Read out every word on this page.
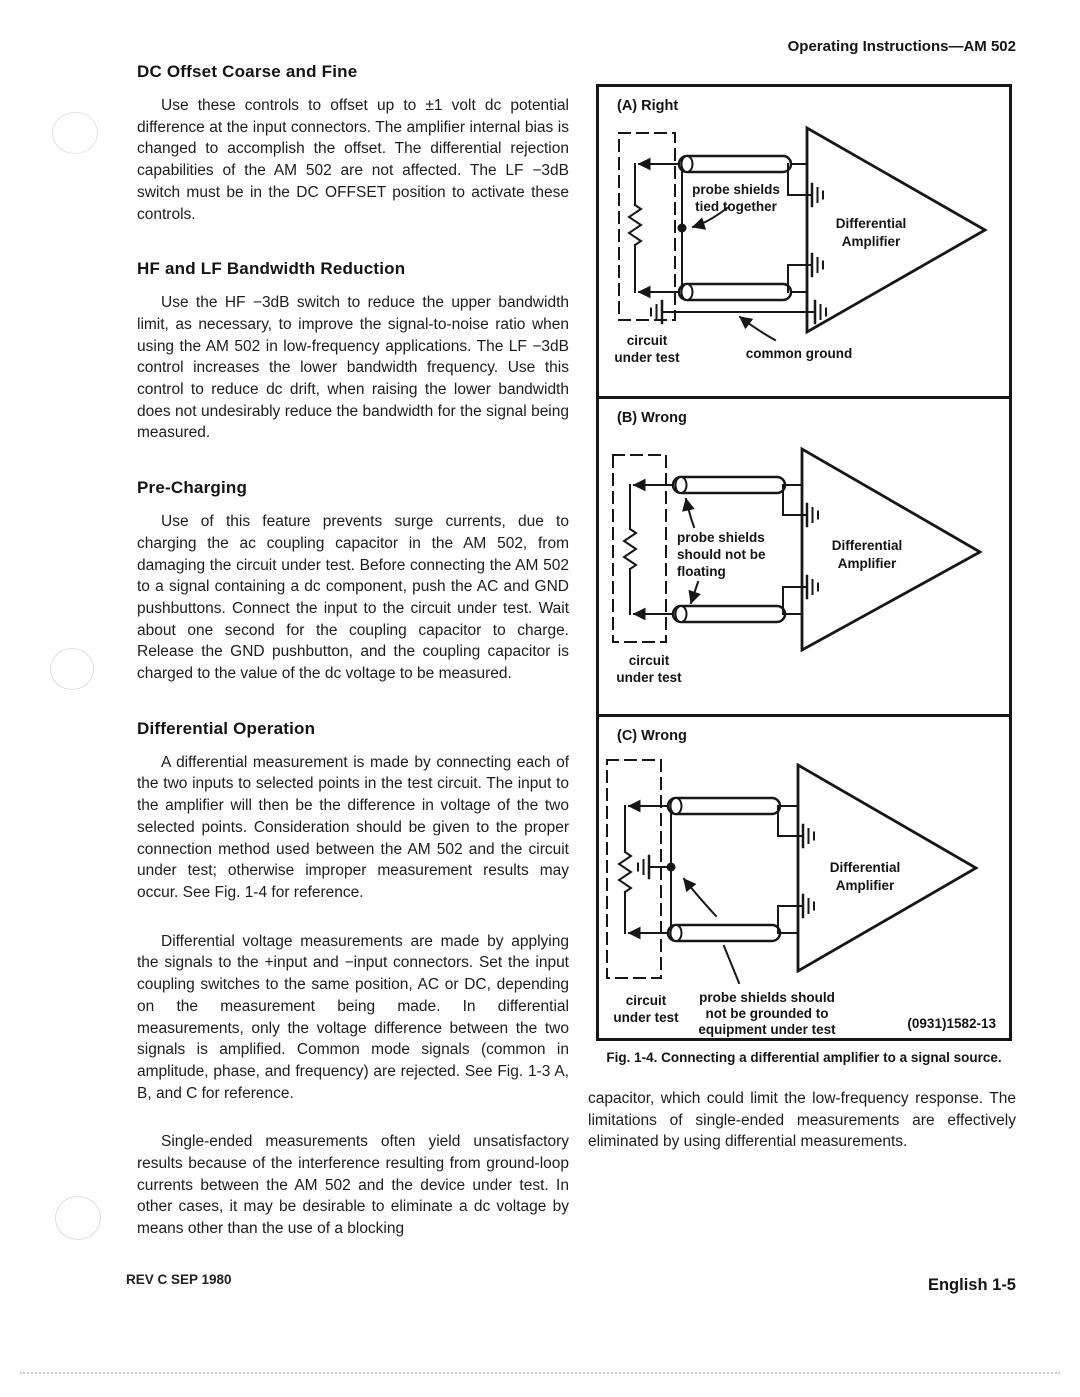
Operating Instructions—AM 502
DC Offset Coarse and Fine

Use these controls to offset up to ±1 volt dc potential difference at the input connectors. The amplifier internal bias is changed to accomplish the offset. The differential rejection capabilities of the AM 502 are not affected. The LF −3dB switch must be in the DC OFFSET position to activate these controls.

HF and LF Bandwidth Reduction

Use the HF −3dB switch to reduce the upper bandwidth limit, as necessary, to improve the signal-to-noise ratio when using the AM 502 in low-frequency applications. The LF −3dB control increases the lower bandwidth frequency. Use this control to reduce dc drift, when raising the lower bandwidth does not undesirably reduce the bandwidth for the signal being measured.

Pre-Charging

Use of this feature prevents surge currents, due to charging the ac coupling capacitor in the AM 502, from damaging the circuit under test. Before connecting the AM 502 to a signal containing a dc component, push the AC and GND pushbuttons. Connect the input to the circuit under test. Wait about one second for the coupling capacitor to charge. Release the GND pushbutton, and the coupling capacitor is charged to the value of the dc voltage to be measured.

Differential Operation

A differential measurement is made by connecting each of the two inputs to selected points in the test circuit. The input to the amplifier will then be the difference in voltage of the two selected points. Consideration should be given to the proper connection method used between the AM 502 and the circuit under test; otherwise improper measurement results may occur. See Fig. 1-4 for reference.

Differential voltage measurements are made by applying the signals to the +input and −input connectors. Set the input coupling switches to the same position, AC or DC, depending on the measurement being made. In differential measurements, only the voltage difference between the two signals is amplified. Common mode signals (common in amplitude, phase, and frequency) are rejected. See Fig. 1-3 A, B, and C for reference.

Single-ended measurements often yield unsatisfactory results because of the interference resulting from ground-loop currents between the AM 502 and the device under test. In other cases, it may be desirable to eliminate a dc voltage by means other than the use of a blocking

(A) Right
probe shields
tied together
Differential
Amplifier
circuit
under test	common ground
(B) Wrong
probe shields
should not be
floating
Differential
Amplifier
circuit
under test
(C) Wrong
Differential
Amplifier
probe shields should
not be grounded to
equipment under test
circuit
under test	(0931)1582-13
Fig. 1-4. Connecting a differential amplifier to a signal source.

capacitor, which could limit the low-frequency response. The limitations of single-ended measurements are effectively eliminated by using differential measurements.

REV C SEP 1980	English 1-5
